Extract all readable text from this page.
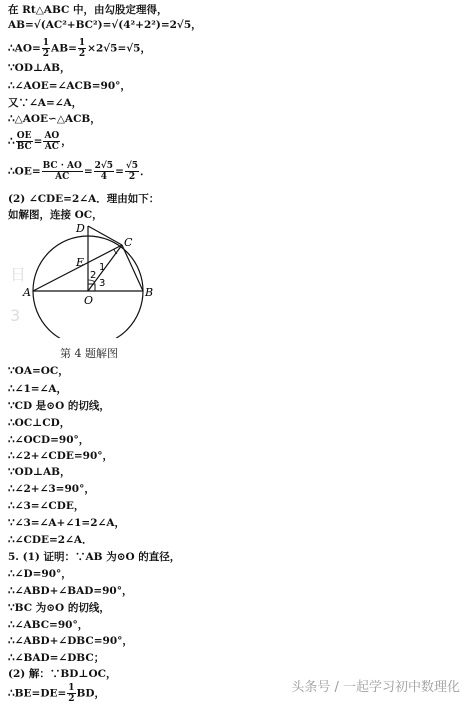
在 Rt△ABC 中，由勾股定理得，
AB=√(AC²+BC²)=√(4²+2²)=2√5，
∴AO= $\frac{1}{2} AB= \frac{1}{2} \times 2√5=√5$，
∵OD⊥AB，
∴∠AOE=∠ACB=90°，
又∵∠A=∠A，
∴△AOE∽△ACB，
∴ $\frac{OE}{BC} = \frac{AO}{AC}$ ，
∴OE= $\frac{BC \cdot AO}{AC} = \frac{2√5}{4} = \frac{√5}{2}$ ．
(2) ∠CDE=2∠A．理由如下：
如解图，连接 OC，
∵OA=OC，
∴∠1=∠A，
∵CD 是⊙O 的切线，
∴OC⊥CD，
∴∠OCD=90°，
∴∠2+∠CDE=90°，
∵OD⊥AB，
∴∠2+∠3=90°，
∴∠3=∠CDE，
∵∠3=∠A+∠1=2∠A，
∴∠CDE=2∠A．
5. (1) 证明：∵AB 为⊙O 的直径，
∴∠D=90°，
∴∠ABD+∠BAD=90°，
∵BC 为⊙O 的切线，
∴∠ABC=90°，
∴∠ABD+∠DBC=90°，
∴∠BAD=∠DBC；
(2) 解：∵BD⊥OC，
∴BE=DE= $\frac{1}{2}$ BD，
D
C
E
A	B
O
1
2
3
第 4 题解图
日
3
头条号 / 一起学习初中数理化
